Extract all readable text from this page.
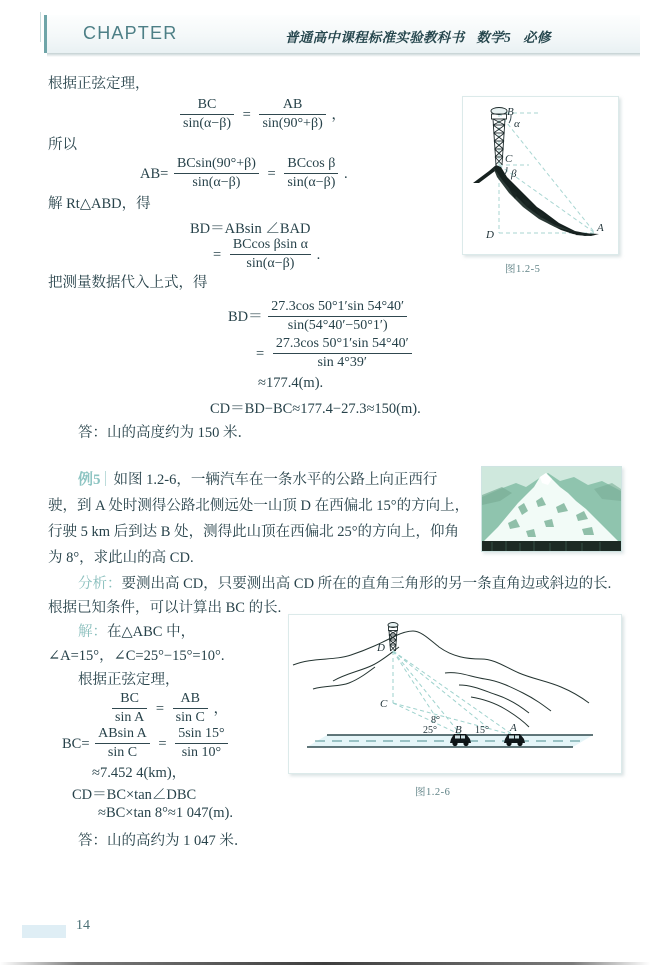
CHAPTER	普通高中课程标准实验教科书 数学5 必修
根据正弦定理，
$\frac{BC}{\sin(\alpha-\beta)} = \frac{AB}{\sin(90^\circ+\beta)}$ ，
所以
$AB= \frac{BCsin(90^\circ+\beta)}{\sin(\alpha-\beta)} = \frac{\text{BCcos β}}{\sin(\alpha-\beta)}$ .
解 Rt△ABD，得
BD＝ABsin ∠BAD
= $\frac{\text{BCcos βsin α}}{\sin(\alpha-\beta)}$ .
把测量数据代入上式，得
$BD= \frac{27.3\cos 50^\circ 1'\sin 54^\circ 40'}{\sin(54^\circ 40'-50^\circ 1')}$
= $\frac{27.3\cos 50^\circ 1'\sin 54^\circ 40'}{\sin 4^\circ 39'}$
≈177.4(m).
CD＝BD−BC≈177.4−27.3≈150(m).
答：山的高度约为 150 米．
B
α
C
β
D
A
图1.2-5
例5 如图 1.2-6，一辆汽车在一条水平的公路上向正西行
驶，到 A 处时测得公路北侧远处一山顶 D 在西偏北 15°的方向上，
行驶 5 km 后到达 B 处，测得此山顶在西偏北 25°的方向上，仰角
为 8°，求此山的高 CD.
分析：要测出高 CD，只要测出高 CD 所在的直角三角形的另一条直角边或斜边的长.
根据已知条件，可以计算出 BC 的长.
解：在△ABC 中，
∠A=15°，∠C=25°−15°=10°.
根据正弦定理，
$\frac{BC}{\text{sin A}} = \frac{AB}{\text{sin C}}$ ，
$BC= \frac{\text{ABsin A}}{\text{sin C}} = \frac{5\sin 15^\circ}{\sin 10^\circ}$
≈7.452 4(km)，
CD＝BC×tan∠DBC
≈BC×tan 8°≈1 047(m).
答：山的高约为 1 047 米．
D
C
8°
25° B 15° A
图1.2-6
14
